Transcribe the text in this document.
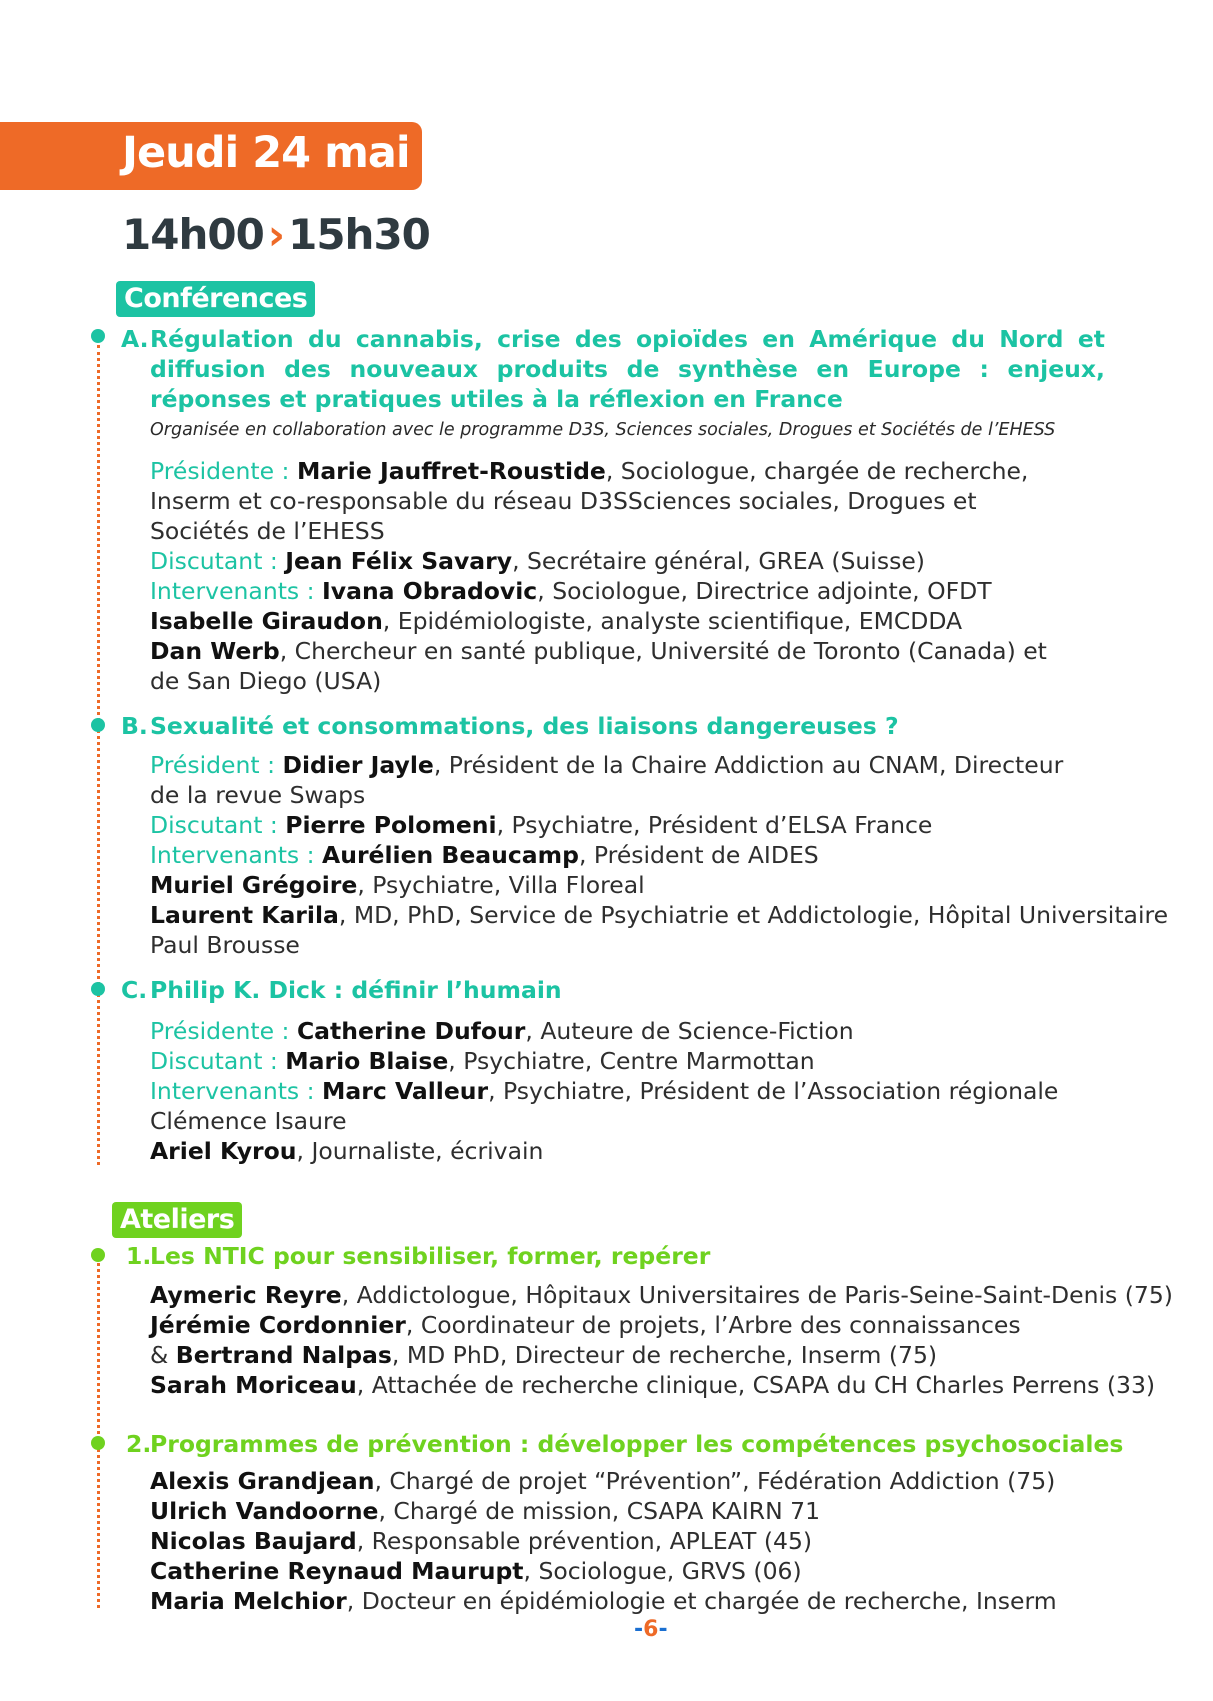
Jeudi 24 mai
14h00›15h30
Conférences
A. Régulation du cannabis, crise des opioïdes en Amérique du Nord et diffusion des nouveaux produits de synthèse en Europe : enjeux, réponses et pratiques utiles à la réflexion en France
Organisée en collaboration avec le programme D3S, Sciences sociales, Drogues et Sociétés de l’EHESS
Présidente : Marie Jauffret-Roustide, Sociologue, chargée de recherche,
Inserm et co-responsable du réseau D3SSciences sociales, Drogues et
Sociétés de l’EHESS
Discutant : Jean Félix Savary, Secrétaire général, GREA (Suisse)
Intervenants : Ivana Obradovic, Sociologue, Directrice adjointe, OFDT
Isabelle Giraudon, Epidémiologiste, analyste scientifique, EMCDDA
Dan Werb, Chercheur en santé publique, Université de Toronto (Canada) et
de San Diego (USA)
B. Sexualité et consommations, des liaisons dangereuses ?
Président : Didier Jayle, Président de la Chaire Addiction au CNAM, Directeur
de la revue Swaps
Discutant : Pierre Polomeni, Psychiatre, Président d’ELSA France
Intervenants : Aurélien Beaucamp, Président de AIDES
Muriel Grégoire, Psychiatre, Villa Floreal
Laurent Karila, MD, PhD, Service de Psychiatrie et Addictologie, Hôpital Universitaire
Paul Brousse
C. Philip K. Dick : définir l’humain
Présidente : Catherine Dufour, Auteure de Science-Fiction
Discutant : Mario Blaise, Psychiatre, Centre Marmottan
Intervenants : Marc Valleur, Psychiatre, Président de l’Association régionale
Clémence Isaure
Ariel Kyrou, Journaliste, écrivain
Ateliers
1.
Les NTIC pour sensibiliser, former, repérer
Aymeric Reyre, Addictologue, Hôpitaux Universitaires de Paris-Seine-Saint-Denis (75)
Jérémie Cordonnier, Coordinateur de projets, l’Arbre des connaissances
& Bertrand Nalpas, MD PhD, Directeur de recherche, Inserm (75)
Sarah Moriceau, Attachée de recherche clinique, CSAPA du CH Charles Perrens (33)
2.
Programmes de prévention : développer les compétences psychosociales
Alexis Grandjean, Chargé de projet “Prévention”, Fédération Addiction (75)
Ulrich Vandoorne, Chargé de mission, CSAPA KAIRN 71
Nicolas Baujard, Responsable prévention, APLEAT (45)
Catherine Reynaud Maurupt, Sociologue, GRVS (06)
Maria Melchior, Docteur en épidémiologie et chargée de recherche, Inserm
-6-
